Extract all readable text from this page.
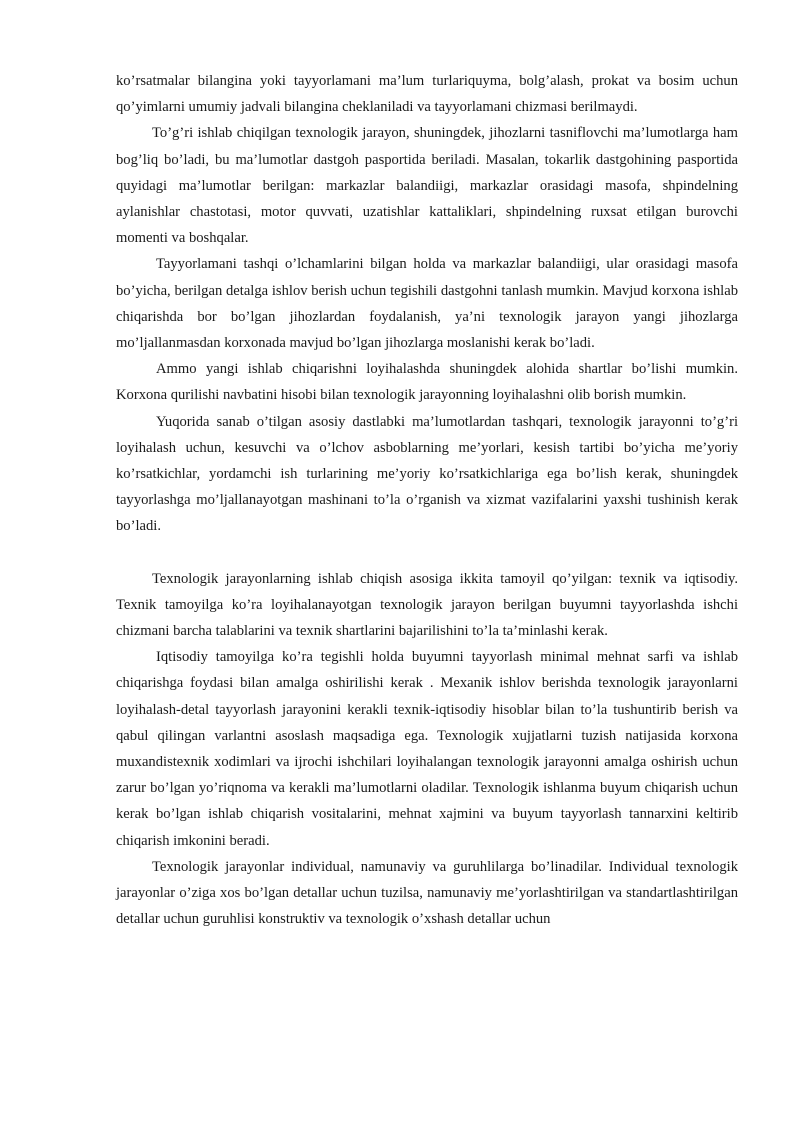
ko’rsatmalar bilangina yoki tayyorlamani ma’lum turlariquyma, bolg’alash, prokat va bosim uchun qo’yimlarni umumiy jadvali bilangina cheklaniladi va tayyorlamani chizmasi berilmaydi.

To’g’ri ishlab chiqilgan texnologik jarayon, shuningdek, jihozlarni tasniflovchi ma’lumotlarga ham bog’liq bo’ladi, bu ma’lumotlar dastgoh pasportida beriladi. Masalan, tokarlik dastgohining pasportida quyidagi ma’lumotlar berilgan: markazlar balandiigi, markazlar orasidagi masofa, shpindelning aylanishlar chastotasi, motor quvvati, uzatishlar kattaliklari, shpindelning ruxsat etilgan burovchi momenti va boshqalar.

Tayyorlamani tashqi o’lchamlarini bilgan holda va markazlar balandiigi, ular orasidagi masofa bo’yicha, berilgan detalga ishlov berish uchun tegishili dastgohni tanlash mumkin. Mavjud korxona ishlab chiqarishda bor bo’lgan jihozlardan foydalanish, ya’ni texnologik jarayon yangi jihozlarga mo’ljallanmasdan korxonada mavjud bo’lgan jihozlarga moslanishi kerak bo’ladi.

Ammo yangi ishlab chiqarishni loyihalashda shuningdek alohida shartlar bo’lishi mumkin. Korxona qurilishi navbatini hisobi bilan texnologik jarayonning loyihalashni olib borish mumkin.

Yuqorida sanab o’tilgan asosiy dastlabki ma’lumotlardan tashqari, texnologik jarayonni to’g’ri loyihalash uchun, kesuvchi va o’lchov asboblarning me’yorlari, kesish tartibi bo’yicha me’yoriy ko’rsatkichlar, yordamchi ish turlarining me’yoriy ko’rsatkichlariga ega bo’lish kerak, shuningdek tayyorlashga mo’ljallanayotgan mashinani to’la o’rganish va xizmat vazifalarini yaxshi tushinish kerak bo’ladi.

Texnologik jarayonlarning ishlab chiqish asosiga ikkita tamoyil qo’yilgan: texnik va iqtisodiy. Texnik tamoyilga ko’ra loyihalanayotgan texnologik jarayon berilgan buyumni tayyorlashda ishchi chizmani barcha talablarini va texnik shartlarini bajarilishini to’la ta’minlashi kerak.

Iqtisodiy tamoyilga ko’ra tegishli holda buyumni tayyorlash minimal mehnat sarfi va ishlab chiqarishga foydasi bilan amalga oshirilishi kerak . Mexanik ishlov berishda texnologik jarayonlarni loyihalash-detal tayyorlash jarayonini kerakli texnik-iqtisodiy hisoblar bilan to’la tushuntirib berish va qabul qilingan varlantni asoslash maqsadiga ega. Texnologik xujjatlarni tuzish natijasida korxona muxandistexnik xodimlari va ijrochi ishchilari loyihalangan texnologik jarayonni amalga oshirish uchun zarur bo’lgan yo’riqnoma va kerakli ma’lumotlarni oladilar. Texnologik ishlanma buyum chiqarish uchun kerak bo’lgan ishlab chiqarish vositalarini, mehnat xajmini va buyum tayyorlash tannarxini keltirib chiqarish imkonini beradi.

Texnologik jarayonlar individual, namunaviy va guruhlilarga bo’linadilar. Individual texnologik jarayonlar o’ziga xos bo’lgan detallar uchun tuzilsa, namunaviy me’yorlashtirilgan va standartlashtirilgan detallar uchun guruhlisi konstruktiv va texnologik o’xshash detallar uchun
